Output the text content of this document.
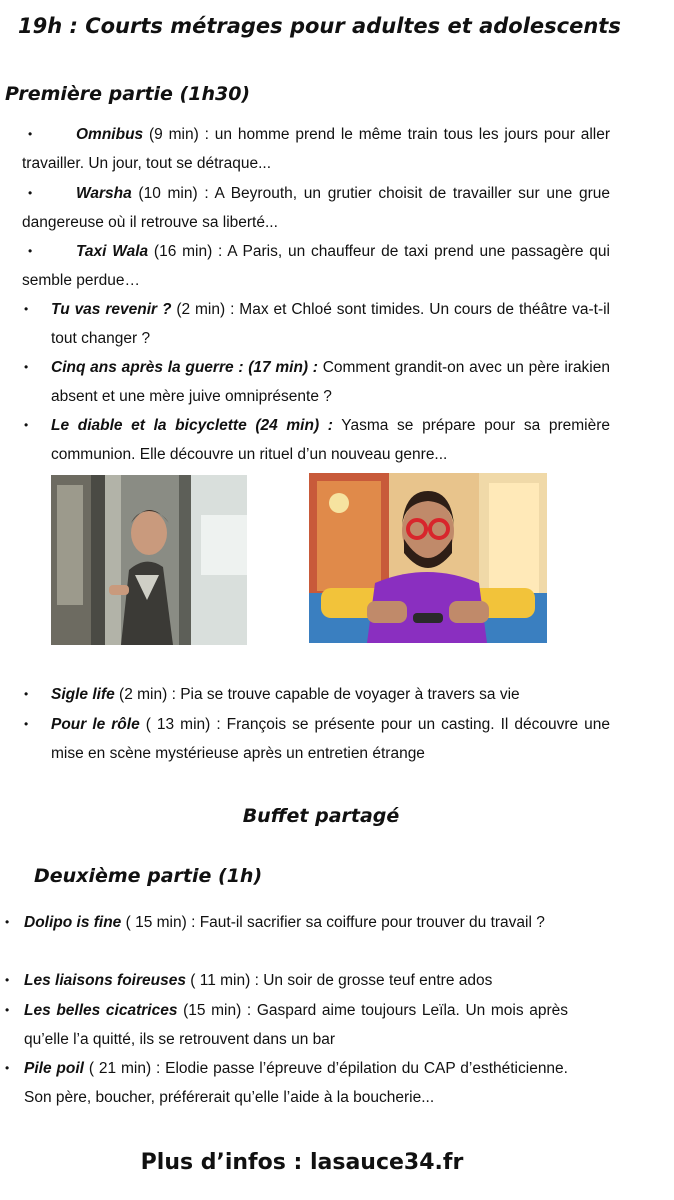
19h : Courts métrages pour adultes et adolescents
Première partie (1h30)
•	Omnibus (9 min) : un homme prend le même train tous les jours pour aller travailler. Un jour, tout se détraque...
•	Warsha (10 min) : A Beyrouth, un grutier choisit de travailler sur une grue dangereuse où il retrouve sa liberté...
•	Taxi Wala (16 min) : A Paris, un chauffeur de taxi prend une passagère qui semble perdue…
• Tu vas revenir ? (2 min) : Max et Chloé sont timides. Un cours de théâtre va-t-il tout changer ?
• Cinq ans après la guerre : (17 min) : Comment grandit-on avec un père irakien absent et une mère juive omniprésente ?
• Le diable et la bicyclette (24 min) : Yasma se prépare pour sa première communion. Elle découvre un rituel d’un nouveau genre...
• Sigle life (2 min) : Pia se trouve capable de voyager à travers sa vie
• Pour le rôle ( 13 min) : François se présente pour un casting. Il découvre une mise en scène mystérieuse après un entretien étrange
Buffet partagé
Deuxième partie (1h)
• Dolipo is fine ( 15 min) : Faut-il sacrifier sa coiffure pour trouver du travail ?
• Les liaisons foireuses ( 11 min) : Un soir de grosse teuf entre ados
• Les belles cicatrices (15 min) : Gaspard aime toujours Leïla. Un mois après qu’elle l’a quitté, ils se retrouvent dans un bar
• Pile poil ( 21 min) : Elodie passe l’épreuve d’épilation du CAP d’esthéticienne. Son père, boucher, préférerait qu’elle l’aide à la boucherie...
Plus d’infos : lasauce34.fr
